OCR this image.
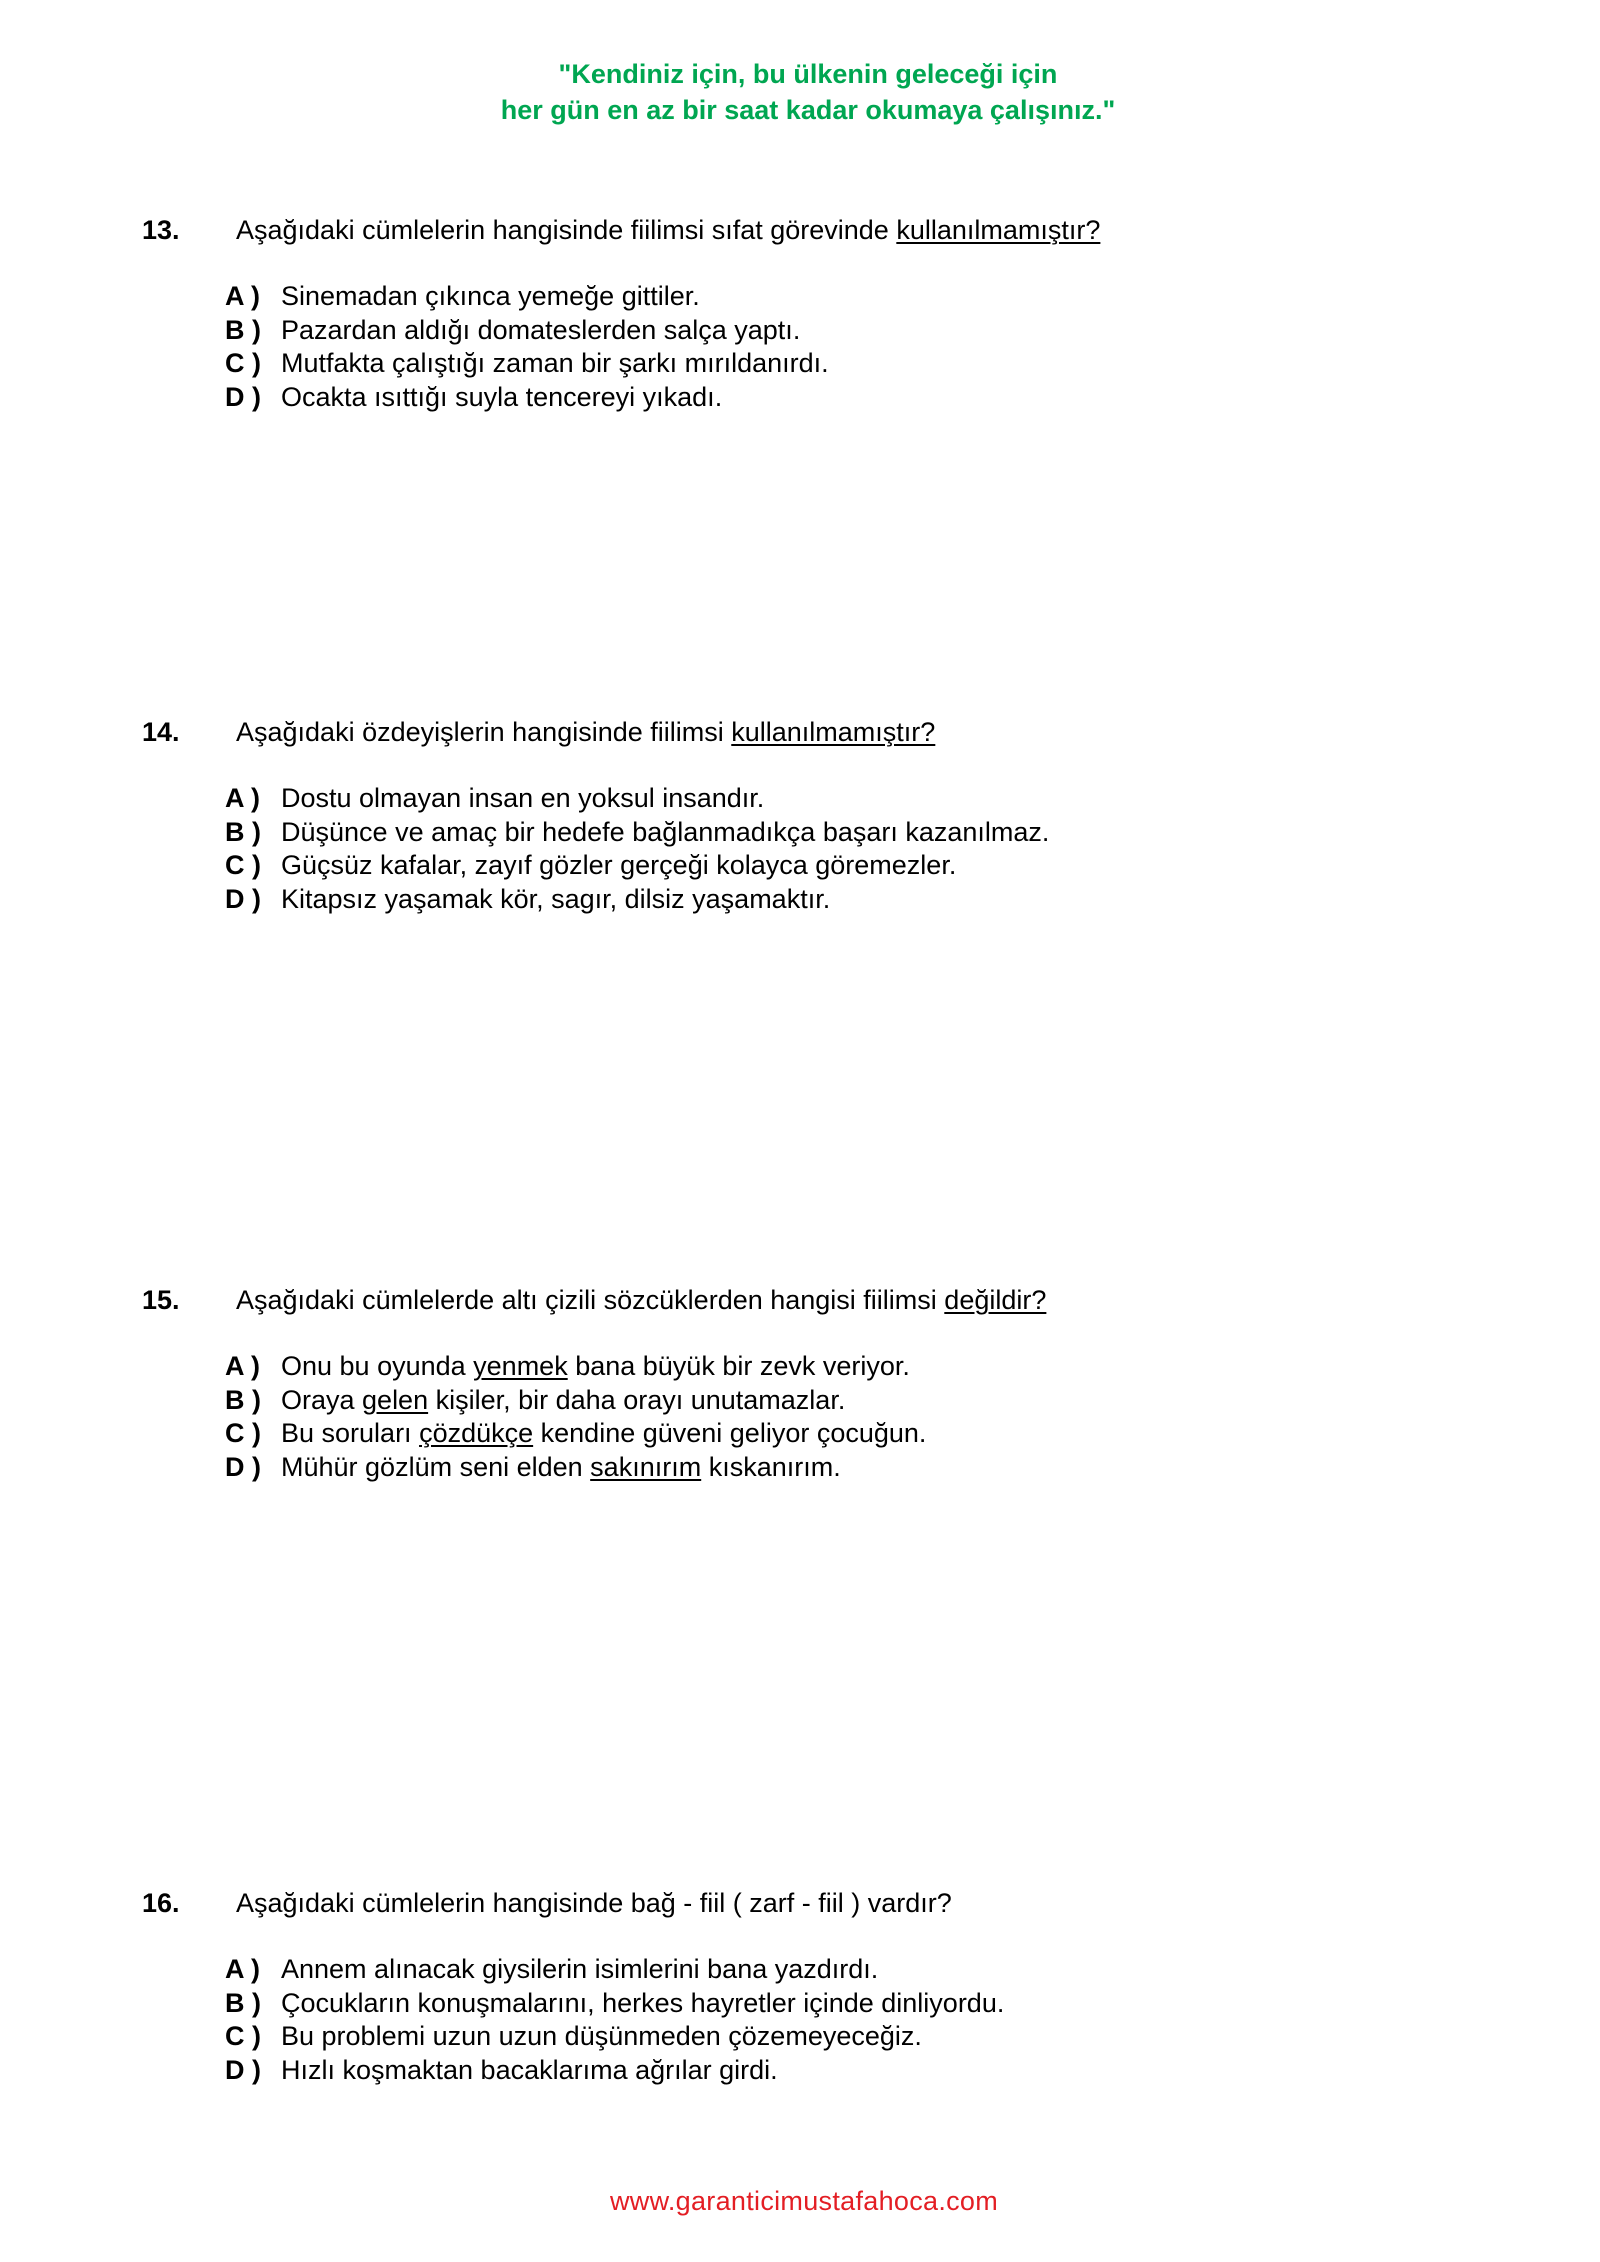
"Kendiniz için, bu ülkenin geleceği için
her gün en az bir saat kadar okumaya çalışınız."
13. Aşağıdaki cümlelerin hangisinde fiilimsi sıfat görevinde kullanılmamıştır?
A ) Sinemadan çıkınca yemeğe gittiler.
B ) Pazardan aldığı domateslerden salça yaptı.
C ) Mutfakta çalıştığı zaman bir şarkı mırıldanırdı.
D ) Ocakta ısıttığı suyla tencereyi yıkadı.
14. Aşağıdaki özdeyişlerin hangisinde fiilimsi kullanılmamıştır?
A ) Dostu olmayan insan en yoksul insandır.
B ) Düşünce ve amaç bir hedefe bağlanmadıkça başarı kazanılmaz.
C ) Güçsüz kafalar, zayıf gözler gerçeği kolayca göremezler.
D ) Kitapsız yaşamak kör, sagır, dilsiz yaşamaktır.
15. Aşağıdaki cümlelerde altı çizili sözcüklerden hangisi fiilimsi değildir?
A ) Onu bu oyunda yenmek bana büyük bir zevk veriyor.
B ) Oraya gelen kişiler, bir daha orayı unutamazlar.
C ) Bu soruları çözdükçe kendine güveni geliyor çocuğun.
D ) Mühür gözlüm seni elden sakınırım kıskanırım.
16. Aşağıdaki cümlelerin hangisinde bağ - fiil ( zarf - fiil ) vardır?
A ) Annem alınacak giysilerin isimlerini bana yazdırdı.
B ) Çocukların konuşmalarını, herkes hayretler içinde dinliyordu.
C ) Bu problemi uzun uzun düşünmeden çözemeyeceğiz.
D ) Hızlı koşmaktan bacaklarıma ağrılar girdi.
www.garanticimustafahoca.com
